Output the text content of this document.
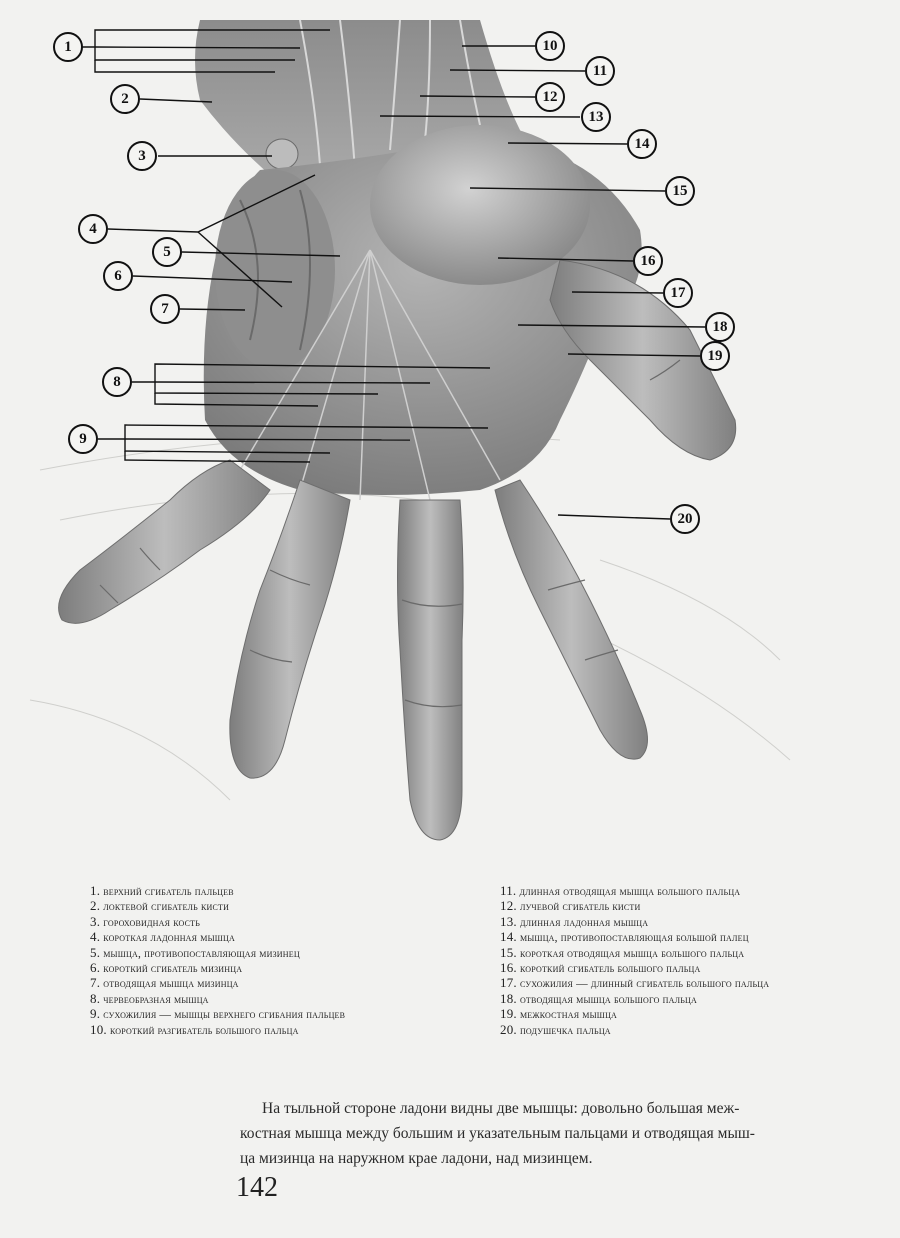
1
2
3
4
5
6
7
8
9
10
11
12
13
14
15
16
17
18
19
20
1. верхний сгибатель пальцев
2. локтевой сгибатель кисти
3. гороховидная кость
4. короткая ладонная мышца
5. мышца, противопоставляющая мизинец
6. короткий сгибатель мизинца
7. отводящая мышца мизинца
8. червеобразная мышца
9. сухожилия — мышцы верхнего сгибания пальцев
10. короткий разгибатель большого пальца
11. длинная отводящая мышца большого пальца
12. лучевой сгибатель кисти
13. длинная ладонная мышца
14. мышца, противопоставляющая большой палец
15. короткая отводящая мышца большого пальца
16. короткий сгибатель большого пальца
17. сухожилия — длинный сгибатель большого пальца
18. отводящая мышца большого пальца
19. межкостная мышца
20. подушечка пальца

На тыльной стороне ладони видны две мышцы: довольно большая меж-

костная мышца между большим и указательным пальцами и отводящая мыш-

ца мизинца на наружном крае ладони, над мизинцем.

142
